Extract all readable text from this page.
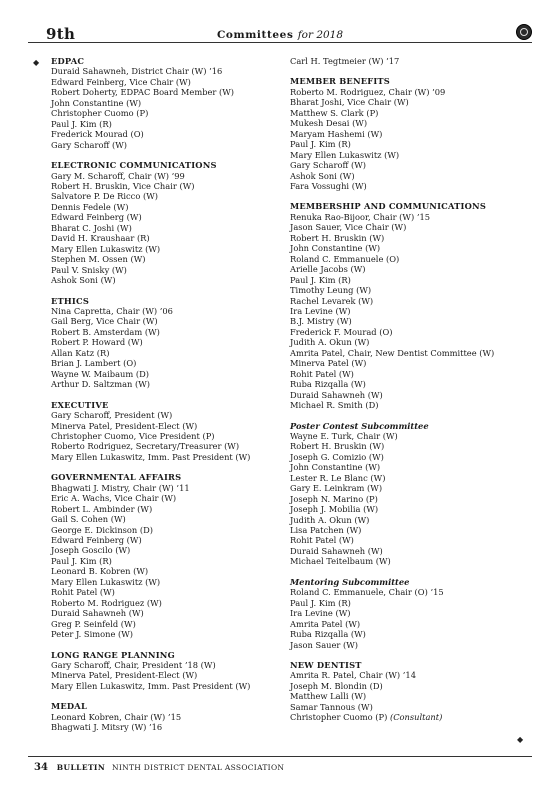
9th	Committees for 2018
◆ EDPAC
Duraid Sahawneh, District Chair (W) ’16
Edward Feinberg, Vice Chair (W)
Robert Doherty, EDPAC Board Member (W)
John Constantine (W)
Christopher Cuomo (P)
Paul J. Kim (R)
Frederick Mourad (O)
Gary Scharoff (W)
ELECTRONIC COMMUNICATIONS
Gary M. Scharoff, Chair (W) ’99
Robert H. Bruskin, Vice Chair (W)
Salvatore P. De Ricco (W)
Dennis Fedele (W)
Edward Feinberg (W)
Bharat C. Joshi (W)
David H. Kraushaar (R)
Mary Ellen Lukaswitz (W)
Stephen M. Ossen (W)
Paul V. Snisky (W)
Ashok Soni (W)
ETHICS
Nina Capretta, Chair (W) ’06
Gail Berg, Vice Chair (W)
Robert B. Amsterdam (W)
Robert P. Howard (W)
Allan Katz (R)
Brian J. Lambert (O)
Wayne W. Maibaum (D)
Arthur D. Saltzman (W)
EXECUTIVE
Gary Scharoff, President (W)
Minerva Patel, President-Elect (W)
Christopher Cuomo, Vice President (P)
Roberto Rodriguez, Secretary/Treasurer (W)
Mary Ellen Lukaswitz, Imm. Past President (W)
GOVERNMENTAL AFFAIRS
Bhagwati J. Mistry, Chair (W) ’11
Eric A. Wachs, Vice Chair (W)
Robert L. Ambinder (W)
Gail S. Cohen (W)
George E. Dickinson (D)
Edward Feinberg (W)
Joseph Goscilo (W)
Paul J. Kim (R)
Leonard B. Kobren (W)
Mary Ellen Lukaswitz (W)
Rohit Patel (W)
Roberto M. Rodriguez (W)
Duraid Sahawneh (W)
Greg P. Seinfeld (W)
Peter J. Simone (W)
LONG RANGE PLANNING
Gary Scharoff, Chair, President ’18 (W)
Minerva Patel, President-Elect (W)
Mary Ellen Lukaswitz, Imm. Past President (W)
MEDAL
Leonard Kobren, Chair (W) ’15
Bhagwati J. Mitsry (W) ’16
Carl H. Tegtmeier (W) ’17
MEMBER BENEFITS
Roberto M. Rodriguez, Chair (W) ’09
Bharat Joshi, Vice Chair (W)
Matthew S. Clark (P)
Mukesh Desai (W)
Maryam Hashemi (W)
Paul J. Kim (R)
Mary Ellen Lukaswitz (W)
Gary Scharoff (W)
Ashok Soni (W)
Fara Vossughi (W)
MEMBERSHIP AND COMMUNICATIONS
Renuka Rao-Bijoor, Chair (W) ’15
Jason Sauer, Vice Chair (W)
Robert H. Bruskin (W)
John Constantine (W)
Roland C. Emmanuele (O)
Arielle Jacobs (W)
Paul J. Kim (R)
Timothy Leung (W)
Rachel Levarek (W)
Ira Levine (W)
B.J. Mistry (W)
Frederick F. Mourad (O)
Judith A. Okun (W)
Amrita Patel, Chair, New Dentist Committee (W)
Minerva Patel (W)
Rohit Patel (W)
Ruba Rizqalla (W)
Duraid Sahawneh (W)
Michael R. Smith (D)
Poster Contest Subcommittee
Wayne E. Turk, Chair (W)
Robert H. Bruskin (W)
Joseph G. Comizio (W)
John Constantine (W)
Lester R. Le Blanc (W)
Gary E. Leinkram (W)
Joseph N. Marino (P)
Joseph J. Mobilia (W)
Judith A. Okun (W)
Lisa Patchen (W)
Rohit Patel (W)
Duraid Sahawneh (W)
Michael Teitelbaum (W)
Mentoring Subcommittee
Roland C. Emmanuele, Chair (O) ’15
Paul J. Kim (R)
Ira Levine (W)
Amrita Patel (W)
Ruba Rizqalla (W)
Jason Sauer (W)
NEW DENTIST
Amrita R. Patel, Chair (W) ’14
Joseph M. Blondin (D)
Matthew Lalli (W)
Samar Tannous (W)
Christopher Cuomo (P) (Consultant)
◆
34 BULLETIN NINTH DISTRICT DENTAL ASSOCIATION
